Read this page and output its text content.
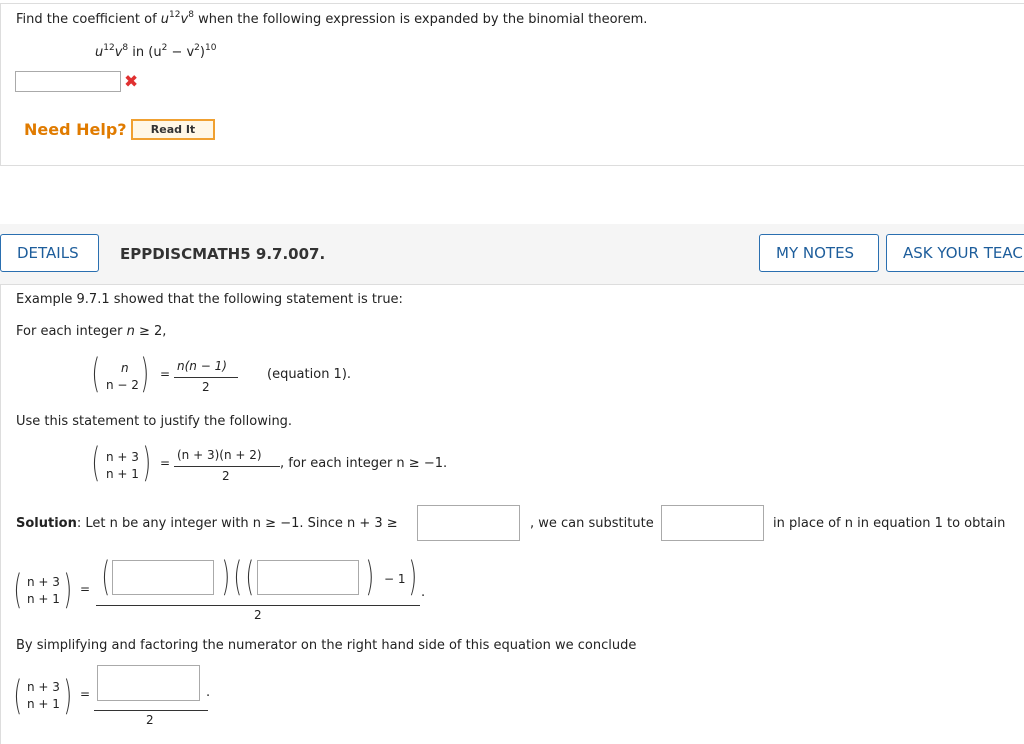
Find the coefficient of $u^{12}v^8$ when the following expression is expanded by the binomial theorem.
$u^{12}v^8$ in $(u^2 - v^2)^{10}$
✖
Need Help? Read It
DETAILS	EPPDISCMATH5 9.7.007.	MY NOTES	ASK YOUR TEAC
Example 9.7.1 showed that the following statement is true:
For each integer n ≥ 2,
( n
n − 2 ) =
n(n − 1)
2
(equation 1).
Use this statement to justify the following.
( n + 3
n + 1 ) =
(n + 3)(n + 2)
2
, for each integer n ≥ −1.
Solution: Let n be any integer with n ≥ −1. Since n + 3 ≥	, we can substitute	in place of n in equation 1 to obtain
( n + 3
n + 1 ) = (	) ( (	) − 1 ) .
2
By simplifying and factoring the numerator on the right hand side of this equation we conclude
( n + 3
n + 1 ) =	.
2
